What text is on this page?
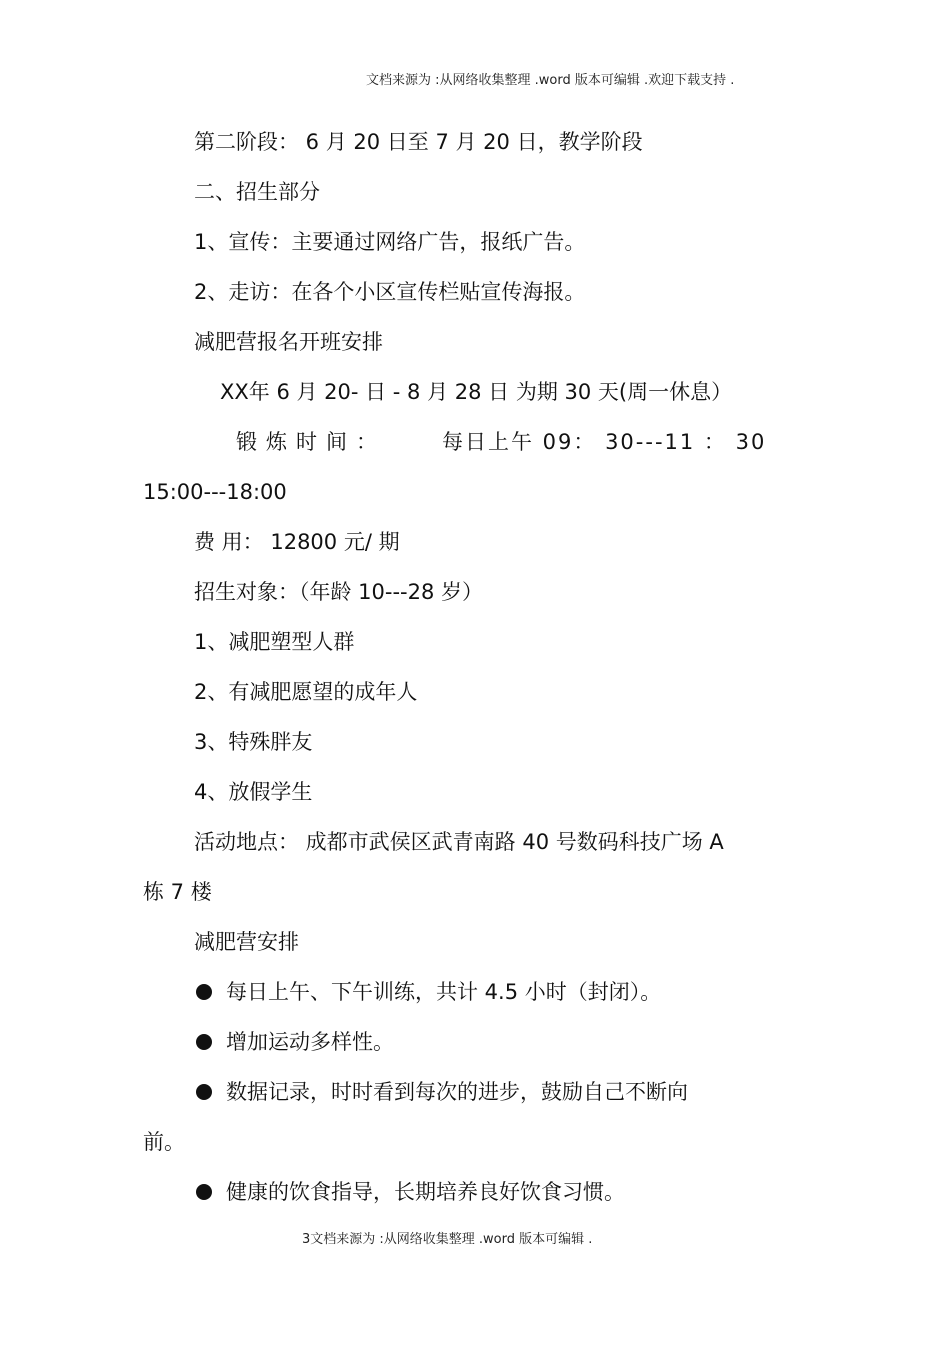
文档来源为 :从网络收集整理 .word 版本可编辑 .欢迎下载支持 .
第二阶段： 6 月 20 日至 7 月 20 日，教学阶段
二、招生部分
1、宣传：主要通过网络广告，报纸广告。
2、走访：在各个小区宣传栏贴宣传海报。
减肥营报名开班安排
XX年 6 月 20- 日 - 8 月 28 日 为期 30 天(周一休息）
锻炼时间：	每日上午 09： 30---11 ： 30
15:00---18:00
费 用： 12800 元/ 期
招生对象：（年龄 10---28 岁）
1、减肥塑型人群
2、有减肥愿望的成年人
3、特殊胖友
4、放假学生
活动地点： 成都市武侯区武青南路 40 号数码科技广场 A
栋 7 楼
减肥营安排
每日上午、下午训练，共计 4.5 小时（封闭）。
增加运动多样性。
数据记录，时时看到每次的进步，鼓励自己不断向
前。
健康的饮食指导，长期培养良好饮食习惯。
3文档来源为 :从网络收集整理 .word 版本可编辑 .
